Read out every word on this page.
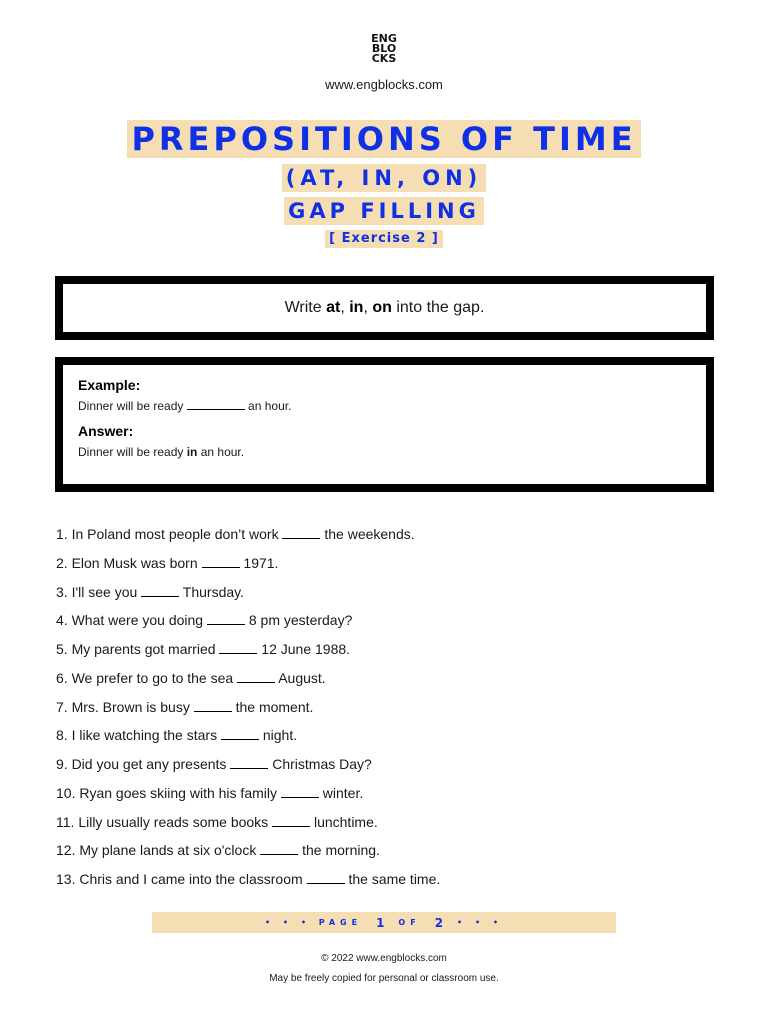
ENG
BLO
CKS
www.engblocks.com
PREPOSITIONS OF TIME
(AT, IN, ON)
GAP FILLING
[ Exercise 2 ]
Write at, in, on into the gap.
Example:
Dinner will be ready	an hour.
Answer:
Dinner will be ready in an hour.
1. In Poland most people don’t work	the weekends.
2. Elon Musk was born	1971.
3. I'll see you	Thursday.
4. What were you doing	8 pm yesterday?
5. My parents got married	12 June 1988.
6. We prefer to go to the sea	August.
7. Mrs. Brown is busy	the moment.
8. I like watching the stars	night.
9. Did you get any presents	Christmas Day?
10. Ryan goes skiing with his family	winter.
11. Lilly usually reads some books	lunchtime.
12. My plane lands at six o'clock	the morning.
13. Chris and I came into the classroom	the same time.
• • • PAGE 1 OF 2 • • •
© 2022 www.engblocks.com
May be freely copied for personal or classroom use.
